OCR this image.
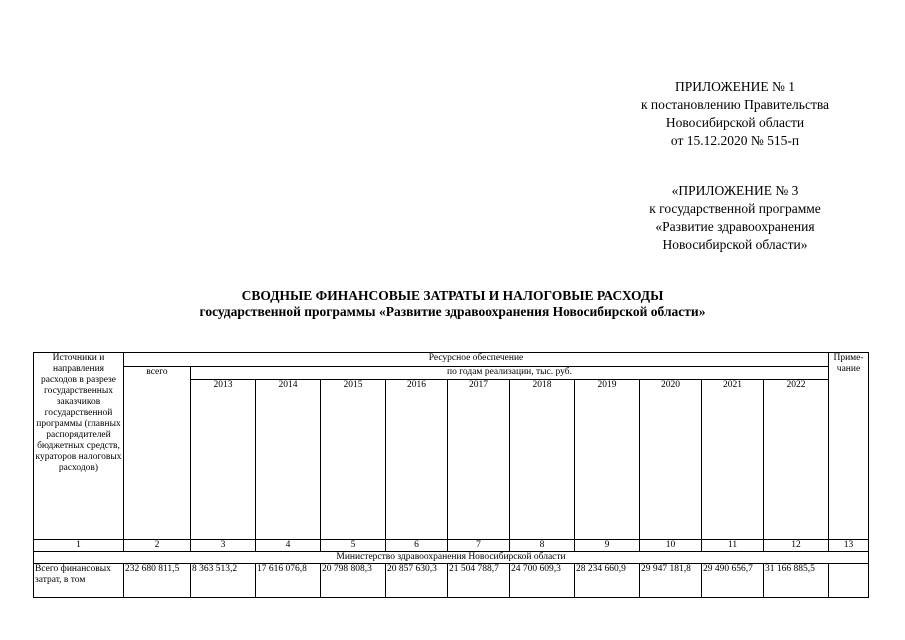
ПРИЛОЖЕНИЕ № 1
к постановлению Правительства
Новосибирской области
от 15.12.2020 № 515-п
«ПРИЛОЖЕНИЕ № 3
к государственной программе
«Развитие здравоохранения
Новосибирской области»
СВОДНЫЕ ФИНАНСОВЫЕ ЗАТРАТЫ И НАЛОГОВЫЕ РАСХОДЫ
государственной программы «Развитие здравоохранения Новосибирской области»
Источники и направления расходов в разрезе государственных заказчиков государственной программы (главных распорядителей бюджетных средств, кураторов налоговых расходов)	Ресурсное обеспечение											Приме-чание
	всего	по годам реализации, тыс. руб.										
		2013	2014	2015	2016	2017	2018	2019	2020	2021	2022	
1	2	3	4	5	6	7	8	9	10	11	12	13
Министерство здравоохранения Новосибирской области												
Всего финансовых затрат, в том	232 680 811,5	8 363 513,2	17 616 076,8	20 798 808,3	20 857 630,3	21 504 788,7	24 700 609,3	28 234 660,9	29 947 181,8	29 490 656,7	31 166 885,5	
